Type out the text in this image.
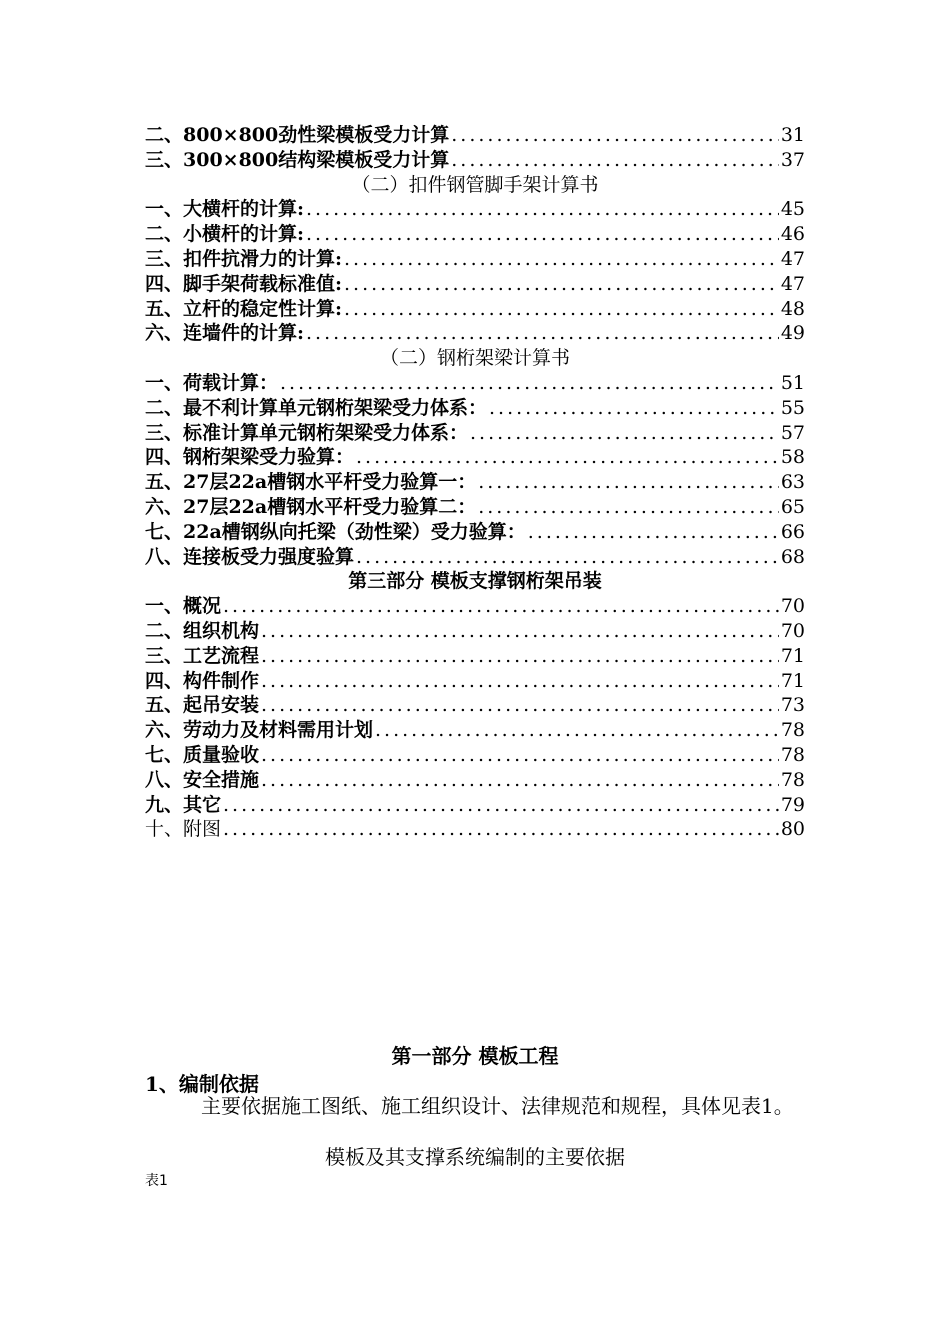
二、800×800劲性梁模板受力计算 .....	31
三、300×800结构梁模板受力计算 .....	37
（二）扣件钢管脚手架计算书
一、大横杆的计算: .....	45
二、小横杆的计算: .....	46
三、扣件抗滑力的计算: .....	47
四、脚手架荷载标准值: .....	47
五、立杆的稳定性计算: .....	48
六、连墙件的计算: .....	49
（二）钢桁架梁计算书
一、荷载计算： .....	51
二、最不利计算单元钢桁架梁受力体系： .....	55
三、标准计算单元钢桁架梁受力体系： .....	57
四、钢桁架梁受力验算： .....	58
五、27层22a槽钢水平杆受力验算一： .....	63
六、27层22a槽钢水平杆受力验算二： .....	65
七、22a槽钢纵向托梁（劲性梁）受力验算： .....	66
八、连接板受力强度验算 .....	68
第三部分 模板支撑钢桁架吊装
一、概况 .....	70
二、组织机构 .....	70
三、工艺流程 .....	71
四、构件制作 .....	71
五、起吊安装 .....	73
六、劳动力及材料需用计划 .....	78
七、质量验收 .....	78
八、安全措施 .....	78
九、其它 .....	79
十、附图 .....	80
第一部分 模板工程
1、编制依据
主要依据施工图纸、施工组织设计、法律规范和规程，具体见表1。
模板及其支撑系统编制的主要依据
表1
